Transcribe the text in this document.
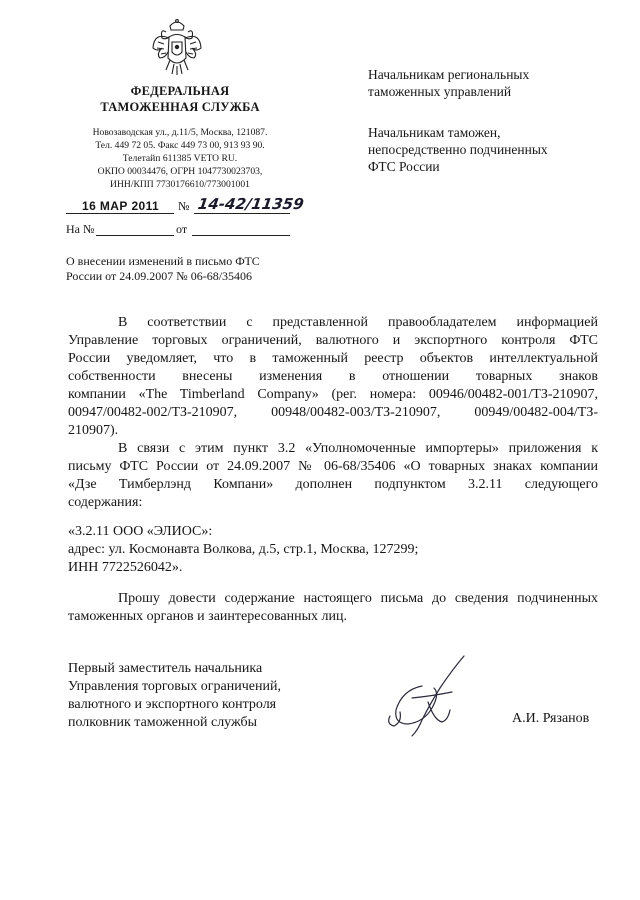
ФЕДЕРАЛЬНАЯ
ТАМОЖЕННАЯ СЛУЖБА
Новозаводская ул., д.11/5, Москва, 121087.
Тел. 449 72 05. Факс 449 73 00, 913 93 90.
Телетайп 611385 VETO RU.
ОКПО 00034476, ОГРН 1047730023703,
ИНН/КПП 7730176610/773001001
16 МАР 2011 № 14-42/11359
На №	от
О внесении изменений в письмо ФТС
России от 24.09.2007 № 06-68/35406
Начальникам региональных
таможенных управлений
Начальникам таможен,
непосредственно подчиненных
ФТС России
В соответствии с представленной правообладателем информацией
Управление торговых ограничений, валютного и экспортного контроля ФТС
России уведомляет, что в таможенный реестр объектов интеллектуальной
собственности внесены изменения в отношении товарных знаков
компании «The Timberland Company» (рег. номера: 00946/00482-001/ТЗ-210907,
00947/00482-002/ТЗ-210907, 00948/00482-003/ТЗ-210907, 00949/00482-004/ТЗ-
210907).
В связи с этим пункт 3.2 «Уполномоченные импортеры» приложения к
письму ФТС России от 24.09.2007 № 06-68/35406 «О товарных знаках компании
«Дзе Тимберлэнд Компани» дополнен подпунктом 3.2.11 следующего
содержания:
«3.2.11 ООО «ЭЛИОС»:
адрес: ул. Космонавта Волкова, д.5, стр.1, Москва, 127299;
ИНН 7722526042».
Прошу довести содержание настоящего письма до сведения подчиненных
таможенных органов и заинтересованных лиц.
Первый заместитель начальника
Управления торговых ограничений,
валютного и экспортного контроля
полковник таможенной службы	А.И. Рязанов
